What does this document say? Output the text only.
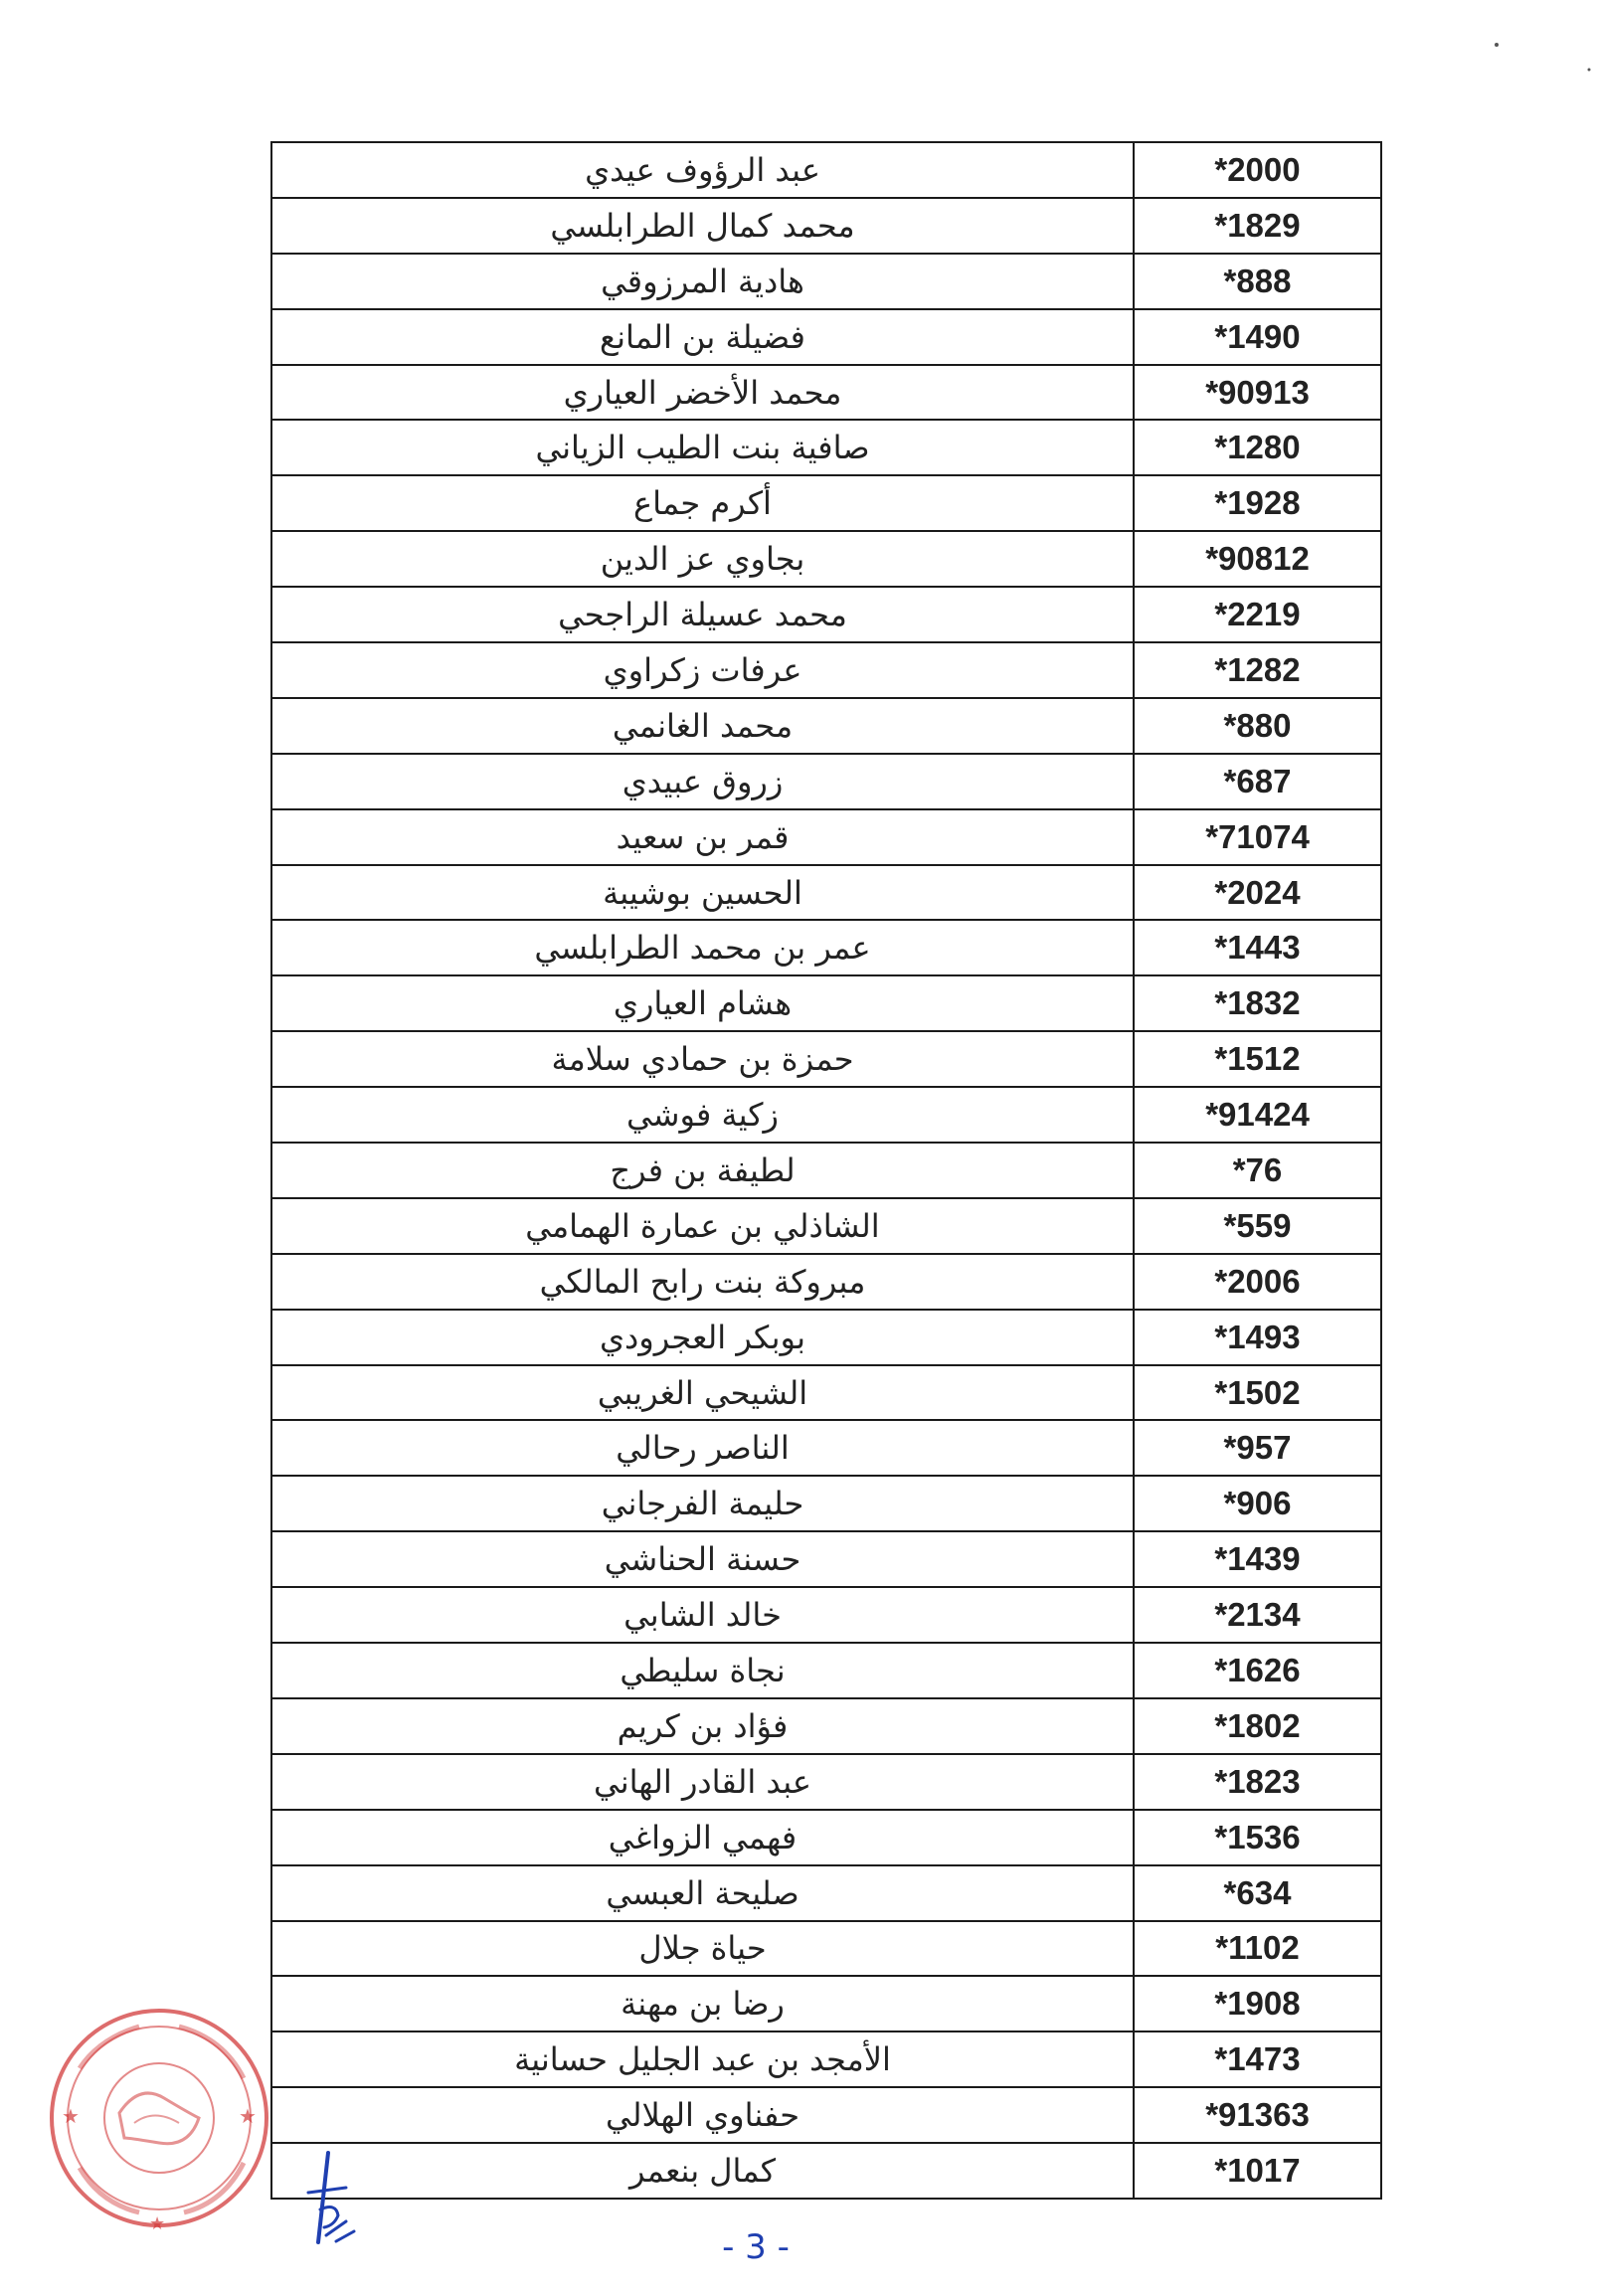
عبد الرؤوف عيدي	*2000
محمد كمال الطرابلسي	*1829
هادية المرزوقي	*888
فضيلة بن المانع	*1490
محمد الأخضر العياري	*90913
صافية بنت الطيب الزياني	*1280
أكرم جماع	*1928
بجاوي عز الدين	*90812
محمد عسيلة الراجحي	*2219
عرفات زكراوي	*1282
محمد الغانمي	*880
زروق عبيدي	*687
قمر بن سعيد	*71074
الحسين بوشيبة	*2024
عمر بن محمد الطرابلسي	*1443
هشام العياري	*1832
حمزة بن حمادي سلامة	*1512
زكية فوشي	*91424
لطيفة بن فرج	*76
الشاذلي بن عمارة الهمامي	*559
مبروكة بنت رابح المالكي	*2006
بوبكر العجرودي	*1493
الشيحي الغريبي	*1502
الناصر رحالي	*957
حليمة الفرجاني	*906
حسنة الحناشي	*1439
خالد الشابي	*2134
نجاة سليطي	*1626
فؤاد بن كريم	*1802
عبد القادر الهاني	*1823
فهمي الزواغي	*1536
صليحة العبسي	*634
حياة جلال	*1102
رضا بن مهنة	*1908
الأمجد بن عبد الجليل حسانية	*1473
حفناوي الهلالي	*91363
كمال بنعمر	*1017
★	★
★
- 3 -
